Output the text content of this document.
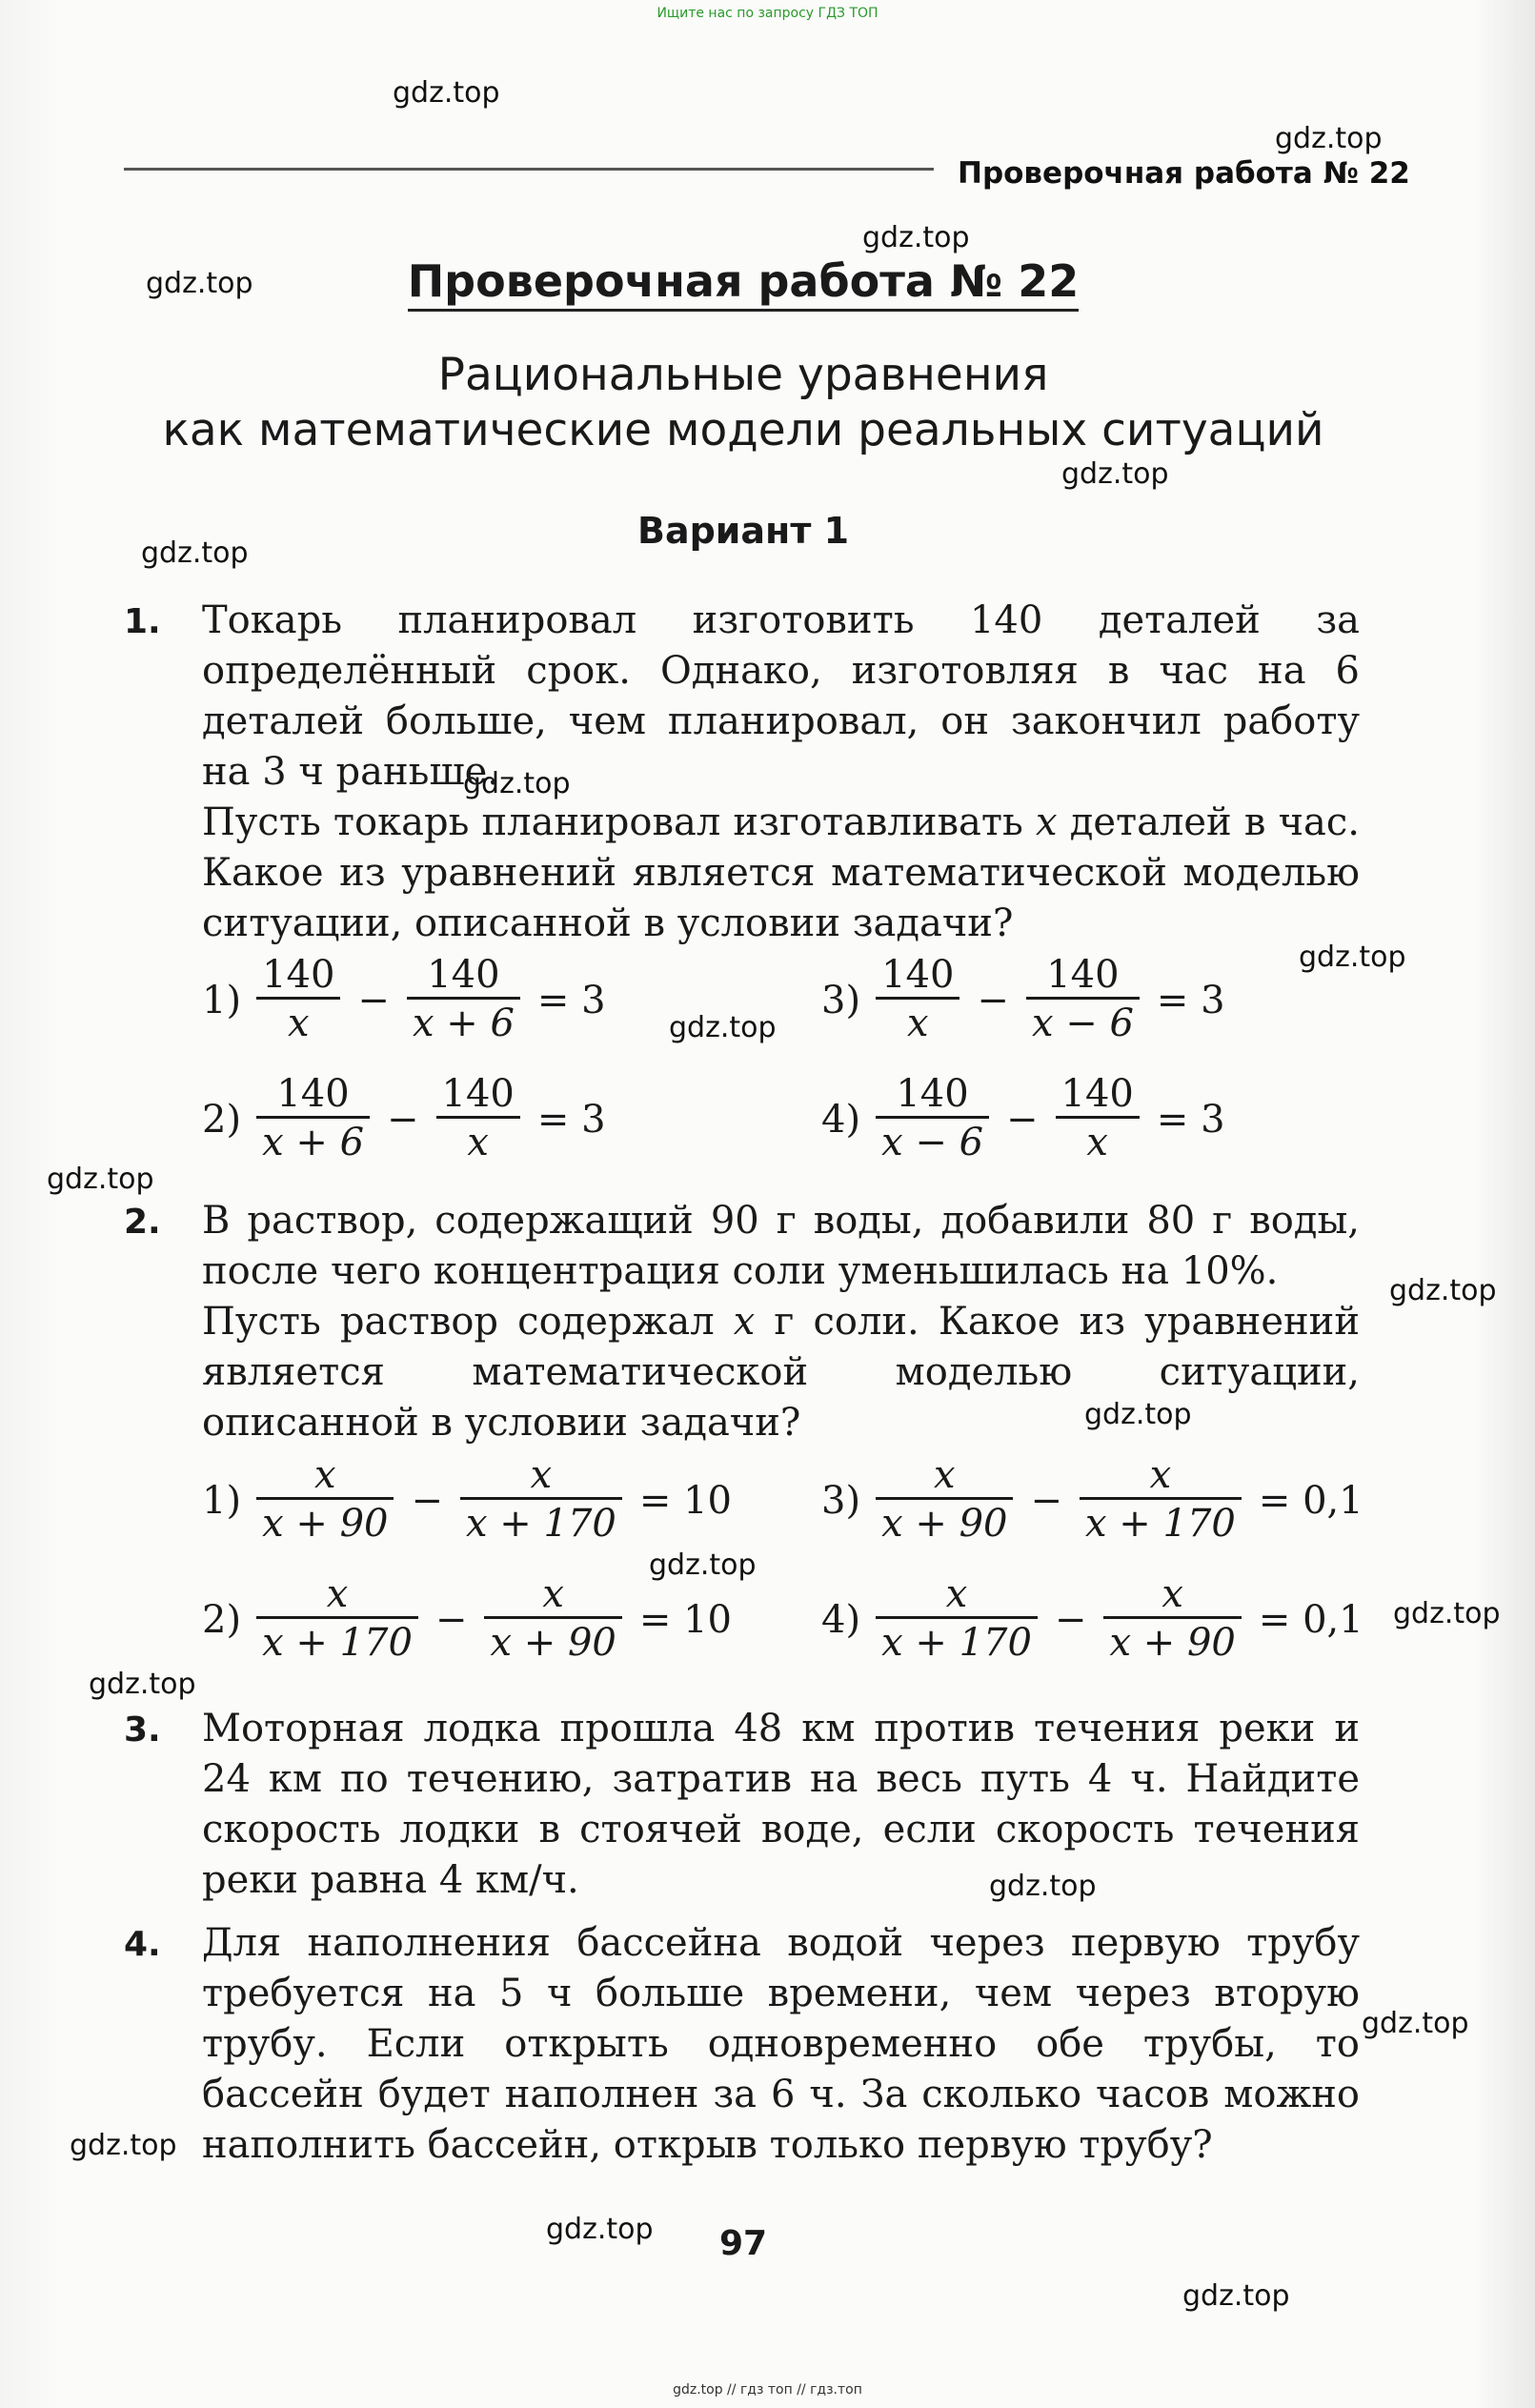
Ищите нас по запросу ГДЗ ТОП
gdz.top
gdz.top
gdz.top
gdz.top
gdz.top
gdz.top
gdz.top
gdz.top
gdz.top
gdz.top
gdz.top
gdz.top
gdz.top
gdz.top
gdz.top
gdz.top
gdz.top
gdz.top
gdz.top
gdz.top
Проверочная работа № 22
Проверочная работа № 22
Рациональные уравнения
как математические модели реальных ситуаций
Вариант 1
1. Токарь планировал изготовить 140 деталей за определённый срок. Однако, изготовляя в час на 6 деталей больше, чем планировал, он закончил работу на 3 ч раньше.

Пусть токарь планировал изготавливать x деталей в час. Какое из уравнений является математической моделью ситуации, описанной в условии задачи?

$1) \frac{140}{x} - \frac{140}{x + 6} = 3$	$3) \frac{140}{x} - \frac{140}{x - 6} = 3$
$2) \frac{140}{x + 6} - \frac{140}{x} = 3$	$4) \frac{140}{x - 6} - \frac{140}{x} = 3$
2. В раствор, содержащий 90 г воды, добавили 80 г воды, после чего концентрация соли уменьшилась на 10%.

Пусть раствор содержал x г соли. Какое из уравнений является математической моделью ситуации, описанной в условии задачи?

$1) \frac{x}{x + 90} - \frac{x}{x + 170} = 10$ $3) \frac{x}{x + 90} - \frac{x}{x + 170} = 0,1$
$2) \frac{x}{x + 170} - \frac{x}{x + 90} = 10$ $4) \frac{x}{x + 170} - \frac{x}{x + 90} = 0,1$
3. Моторная лодка прошла 48 км против течения реки и 24 км по течению, затратив на весь путь 4 ч. Найдите скорость лодки в стоячей воде, если скорость течения реки равна 4 км/ч.

4. Для наполнения бассейна водой через первую трубу требуется на 5 ч больше времени, чем через вторую трубу. Если открыть одновременно обе трубы, то бассейн будет наполнен за 6 ч. За сколько часов можно наполнить бассейн, открыв только первую трубу?

97
gdz.top // гдз топ // гдз.топ
